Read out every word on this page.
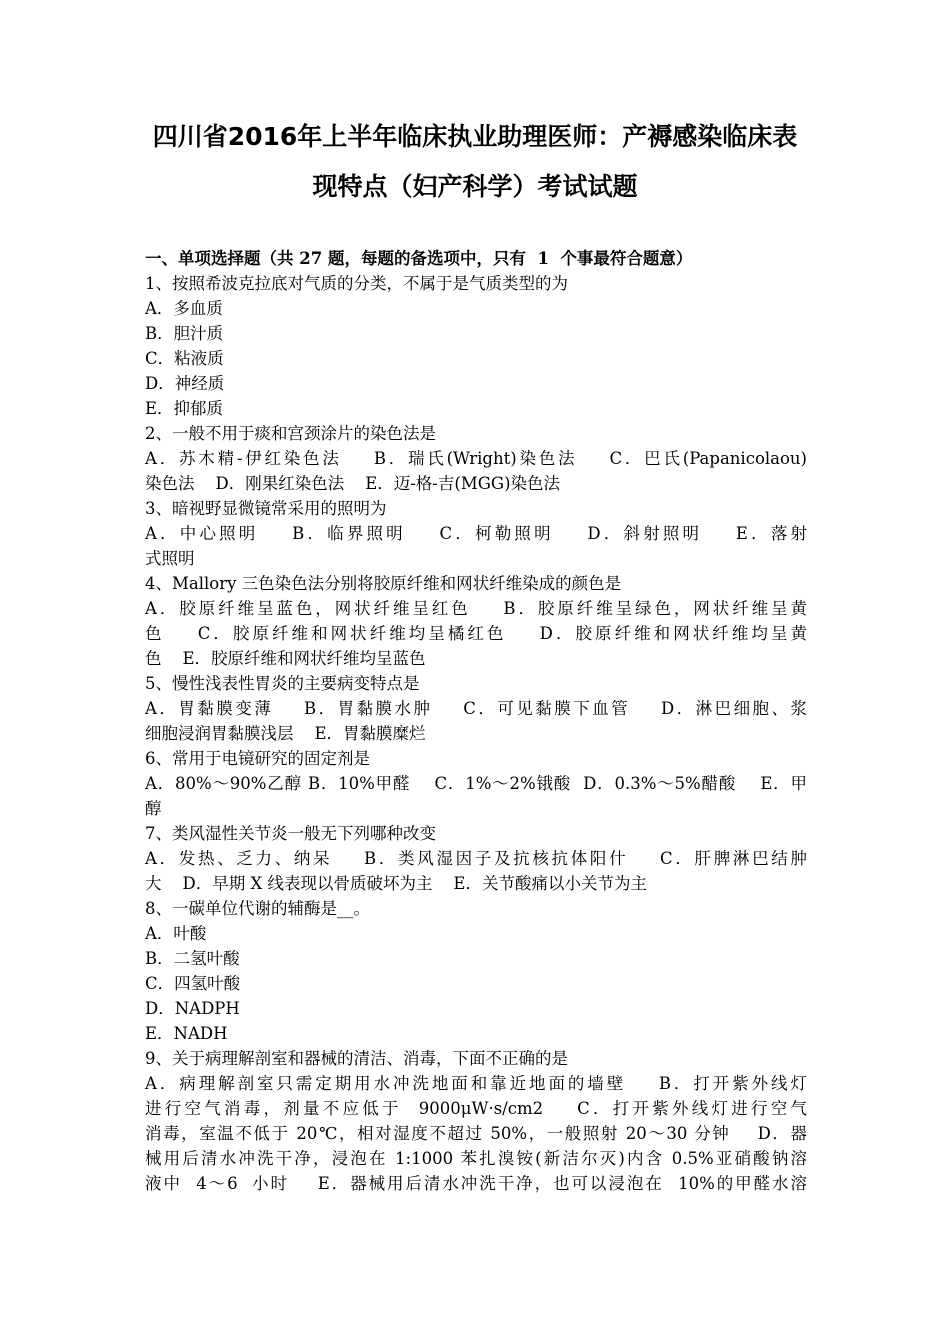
四川省2016年上半年临床执业助理医师：产褥感染临床表
现特点（妇产科学）考试试题
一、单项选择题（共 27 题，每题的备选项中，只有  1  个事最符合题意）
1、按照希波克拉底对气质的分类，不属于是气质类型的为
A．多血质
B．胆汁质
C．粘液质
D．神经质
E．抑郁质
2、一般不用于痰和宫颈涂片的染色法是
A．苏木精-伊红染色法    B．瑞氏(Wright)染色法    C．巴氏(Papanicolaou)
染色法    D．刚果红染色法    E．迈-格-吉(MGG)染色法
3、暗视野显微镜常采用的照明为
A．中心照明    B．临界照明    C．柯勒照明    D．斜射照明    E．落射
式照明
4、Mallory 三色染色法分别将胶原纤维和网状纤维染成的颜色是
A．胶原纤维呈蓝色，网状纤维呈红色    B．胶原纤维呈绿色，网状纤维呈黄
色    C．胶原纤维和网状纤维均呈橘红色    D．胶原纤维和网状纤维均呈黄
色    E．胶原纤维和网状纤维均呈蓝色
5、慢性浅表性胃炎的主要病变特点是
A．胃黏膜变薄    B．胃黏膜水肿    C．可见黏膜下血管    D．淋巴细胞、浆
细胞浸润胃黏膜浅层    E．胃黏膜糜烂
6、常用于电镜研究的固定剂是
A．80%～90%乙醇 B．10%甲醛    C．1%～2%锇酸  D．0.3%～5%醋酸    E．甲
醇
7、类风湿性关节炎一般无下列哪种改变
A．发热、乏力、纳呆    B．类风湿因子及抗核抗体阳什    C．肝脾淋巴结肿
大    D．早期 X 线表现以骨质破坏为主    E．关节酸痛以小关节为主
8、一碳单位代谢的辅酶是__。
A．叶酸
B．二氢叶酸
C．四氢叶酸
D．NADPH
E．NADH
9、关于病理解剖室和器械的清洁、消毒，下面不正确的是
A．病理解剖室只需定期用水冲洗地面和靠近地面的墙壁    B．打开紫外线灯
进行空气消毒，剂量不应低于  9000μW·s/cm2    C．打开紫外线灯进行空气
消毒，室温不低于 20℃，相对湿度不超过 50%，一般照射 20～30 分钟    D．器
械用后清水冲洗干净，浸泡在 1:1000 苯扎溴铵(新洁尔灭)内含 0.5%亚硝酸钠溶
液中  4～6  小时    E．器械用后清水冲洗干净，也可以浸泡在  10%的甲醛水溶
